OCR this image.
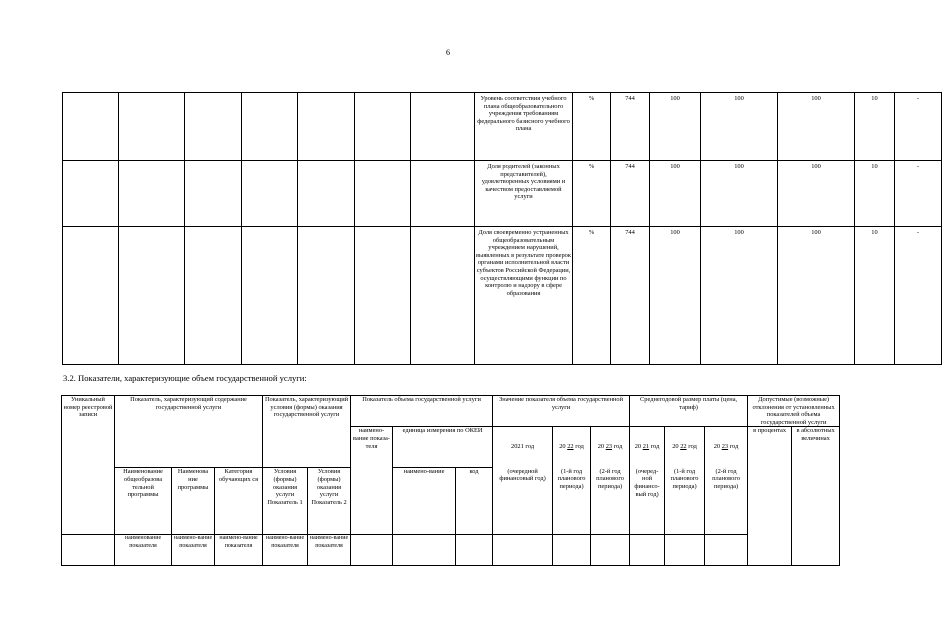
6
							Уровень соответствия учебного плана общеобразовательного учреждения требованиям федерального базисного учебного плана	%	744	100	100	100	10	-
							Доля родителей (законных представителей), удовлетворенных условиями и качеством предоставляемой услуги	%	744	100	100	100	10	-
							Доля своевременно устраненных общеобразовательным учреждением нарушений, выявленных в результате проверок органами исполнительной власти субъектов Российской Федерации, осуществляющими функции по контролю и надзору в сфере образования	%	744	100	100	100	10	-
3.2. Показатели, характеризующие объем государственной услуги:
Уникальный номер реестровой записи	Показатель, характеризующий содержание государственной услуги			Показатель, характеризующий условия (формы) оказания государственной услуги		Показатель объема государственной услуги			Значение показателя объема государственной услуги			Среднегодовой размер платы (цена, тариф)			Допустимые (возможные) отклонения от установленных показателей объема государственной услуги	
						наимено-вание показа-теля	единица измерения по ОКЕИ		2021 год	20 22 год	20 23 год	20 21 год	20 22 год	20 23 год	в процентах	в абсолютных величинах
	Наименование общеобразова тельной программы	Наименова ние программы	Категория обучающих ся	Условия (формы) оказания услуги Показатель 1	Условия (формы) оказания услуги Показатель 2		наимено-вание	код	(очередной финансовый год)	(1-й год планового периода)	(2-й год планового периода)	(очеред-ной финансо-вый год)	(1-й год планового периода)	(2-й год планового периода)		
	наименование показателя	наимено-вание показателя	наимено-вание показателя	наимено-вание показателя	наимено-вание показателя											
